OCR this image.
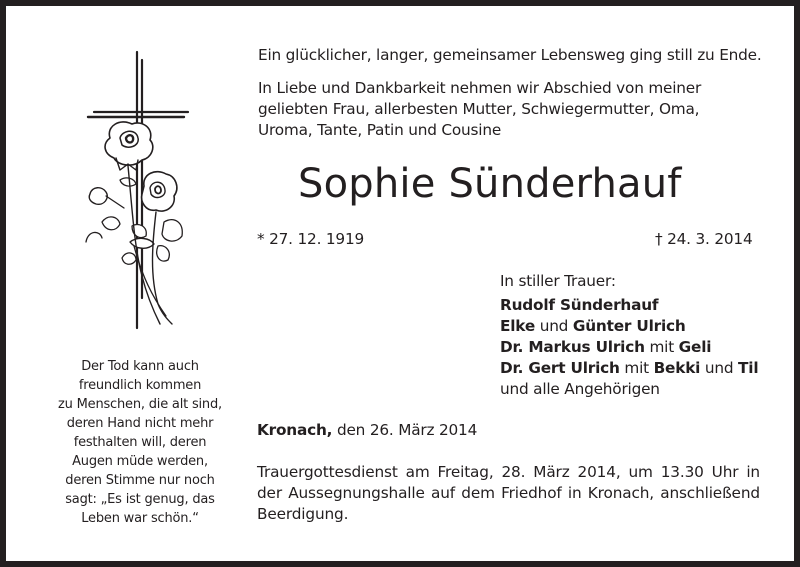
Ein glücklicher, langer, gemeinsamer Lebensweg ging still zu Ende.
In Liebe und Dankbarkeit nehmen wir Abschied von meiner
geliebten Frau, allerbesten Mutter, Schwiegermutter, Oma,
Uroma, Tante, Patin und Cousine
Sophie Sünderhauf
* 27. 12. 1919	† 24. 3. 2014
In stiller Trauer:
Rudolf Sünderhauf
Elke und Günter Ulrich
Dr. Markus Ulrich mit Geli
Dr. Gert Ulrich mit Bekki und Til
und alle Angehörigen
Kronach, den 26. März 2014
Trauergottesdienst am Freitag, 28. März 2014, um 13.30 Uhr in
der Aussegnungshalle auf dem Friedhof in Kronach, anschließend
Beerdigung.
Der Tod kann auch
freundlich kommen
zu Menschen, die alt sind,
deren Hand nicht mehr
festhalten will, deren
Augen müde werden,
deren Stimme nur noch
sagt: „Es ist genug, das
Leben war schön.“
